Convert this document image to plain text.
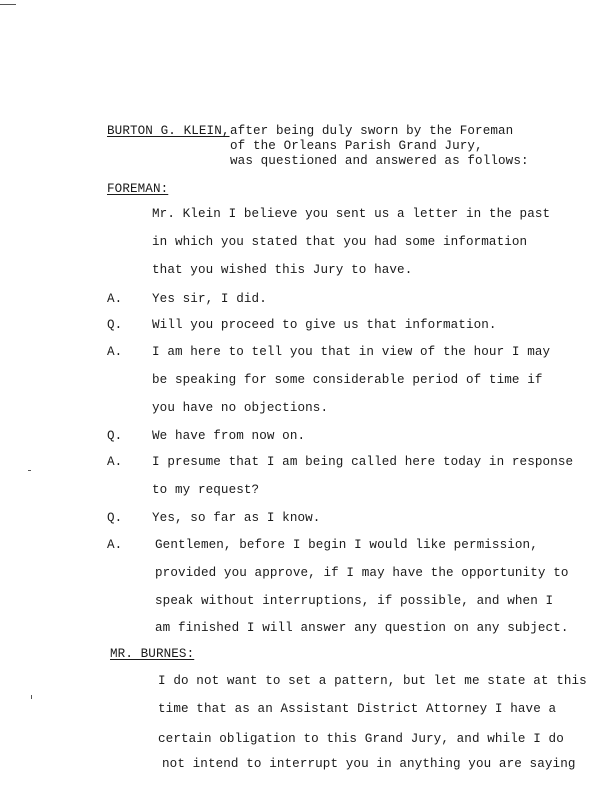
BURTON G. KLEIN, after being duly sworn by the Foreman
of the Orleans Parish Grand Jury,
was questioned and answered as follows:
FOREMAN:
Mr. Klein I believe you sent us a letter in the past
in which you stated that you had some information
that you wished this Jury to have.
A. Yes sir, I did.
Q. Will you proceed to give us that information.
A. I am here to tell you that in view of the hour I may
be speaking for some considerable period of time if
you have no objections.
Q. We have from now on.
A. I presume that I am being called here today in response
to my request?
Q. Yes, so far as I know.
A.	Gentlemen, before I begin I would like permission,
provided you approve, if I may have the opportunity to
speak without interruptions, if possible, and when I
am finished I will answer any question on any subject.
MR. BURNES:
I do not want to set a pattern, but let me state at this
time that as an Assistant District Attorney I have a
certain obligation to this Grand Jury, and while I do
not intend to interrupt you in anything you are saying
